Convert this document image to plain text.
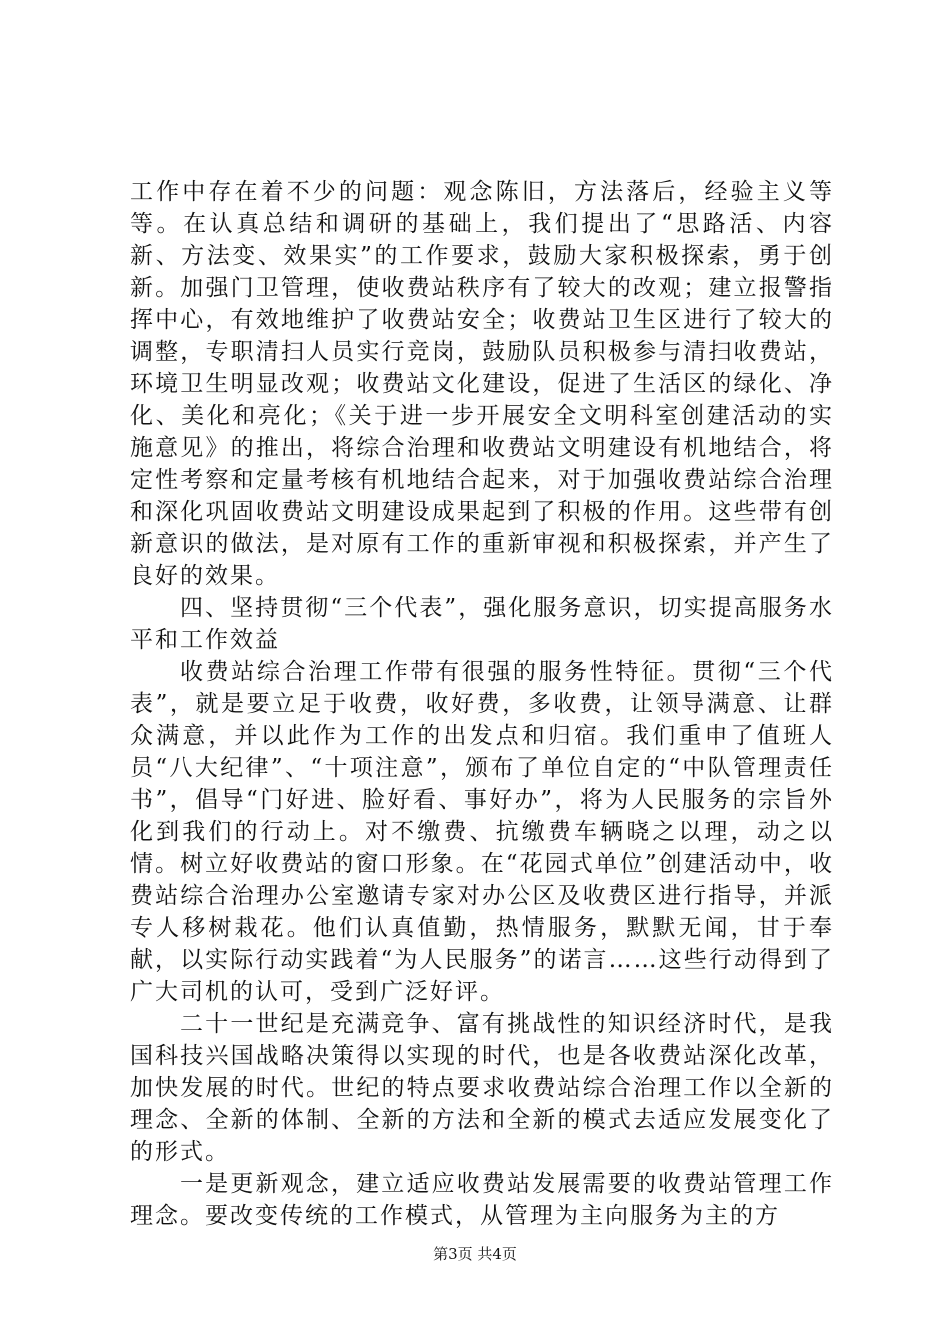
工作中存在着不少的问题：观念陈旧，方法落后，经验主义等等。在认真总结和调研的基础上，我们提出了“思路活、内容新、方法变、效果实”的工作要求，鼓励大家积极探索，勇于创新。加强门卫管理，使收费站秩序有了较大的改观；建立报警指挥中心，有效地维护了收费站安全；收费站卫生区进行了较大的调整，专职清扫人员实行竞岗，鼓励队员积极参与清扫收费站，环境卫生明显改观；收费站文化建设，促进了生活区的绿化、净化、美化和亮化；《关于进一步开展安全文明科室创建活动的实施意见》的推出，将综合治理和收费站文明建设有机地结合，将定性考察和定量考核有机地结合起来，对于加强收费站综合治理和深化巩固收费站文明建设成果起到了积极的作用。这些带有创新意识的做法，是对原有工作的重新审视和积极探索，并产生了良好的效果。

四、坚持贯彻“三个代表”，强化服务意识，切实提高服务水平和工作效益

收费站综合治理工作带有很强的服务性特征。贯彻“三个代表”，就是要立足于收费，收好费，多收费，让领导满意、让群众满意，并以此作为工作的出发点和归宿。我们重申了值班人员“八大纪律”、“十项注意”，颁布了单位自定的“中队管理责任书”，倡导“门好进、脸好看、事好办”，将为人民服务的宗旨外化到我们的行动上。对不缴费、抗缴费车辆晓之以理，动之以情。树立好收费站的窗口形象。在“花园式单位”创建活动中，收费站综合治理办公室邀请专家对办公区及收费区进行指导，并派专人移树栽花。他们认真值勤，热情服务，默默无闻，甘于奉献，以实际行动实践着“为人民服务”的诺言……这些行动得到了广大司机的认可，受到广泛好评。

二十一世纪是充满竞争、富有挑战性的知识经济时代，是我国科技兴国战略决策得以实现的时代，也是各收费站深化改革，加快发展的时代。世纪的特点要求收费站综合治理工作以全新的理念、全新的体制、全新的方法和全新的模式去适应发展变化了的形式。

一是更新观念，建立适应收费站发展需要的收费站管理工作理念。要改变传统的工作模式，从管理为主向服务为主的方

第3页 共4页
